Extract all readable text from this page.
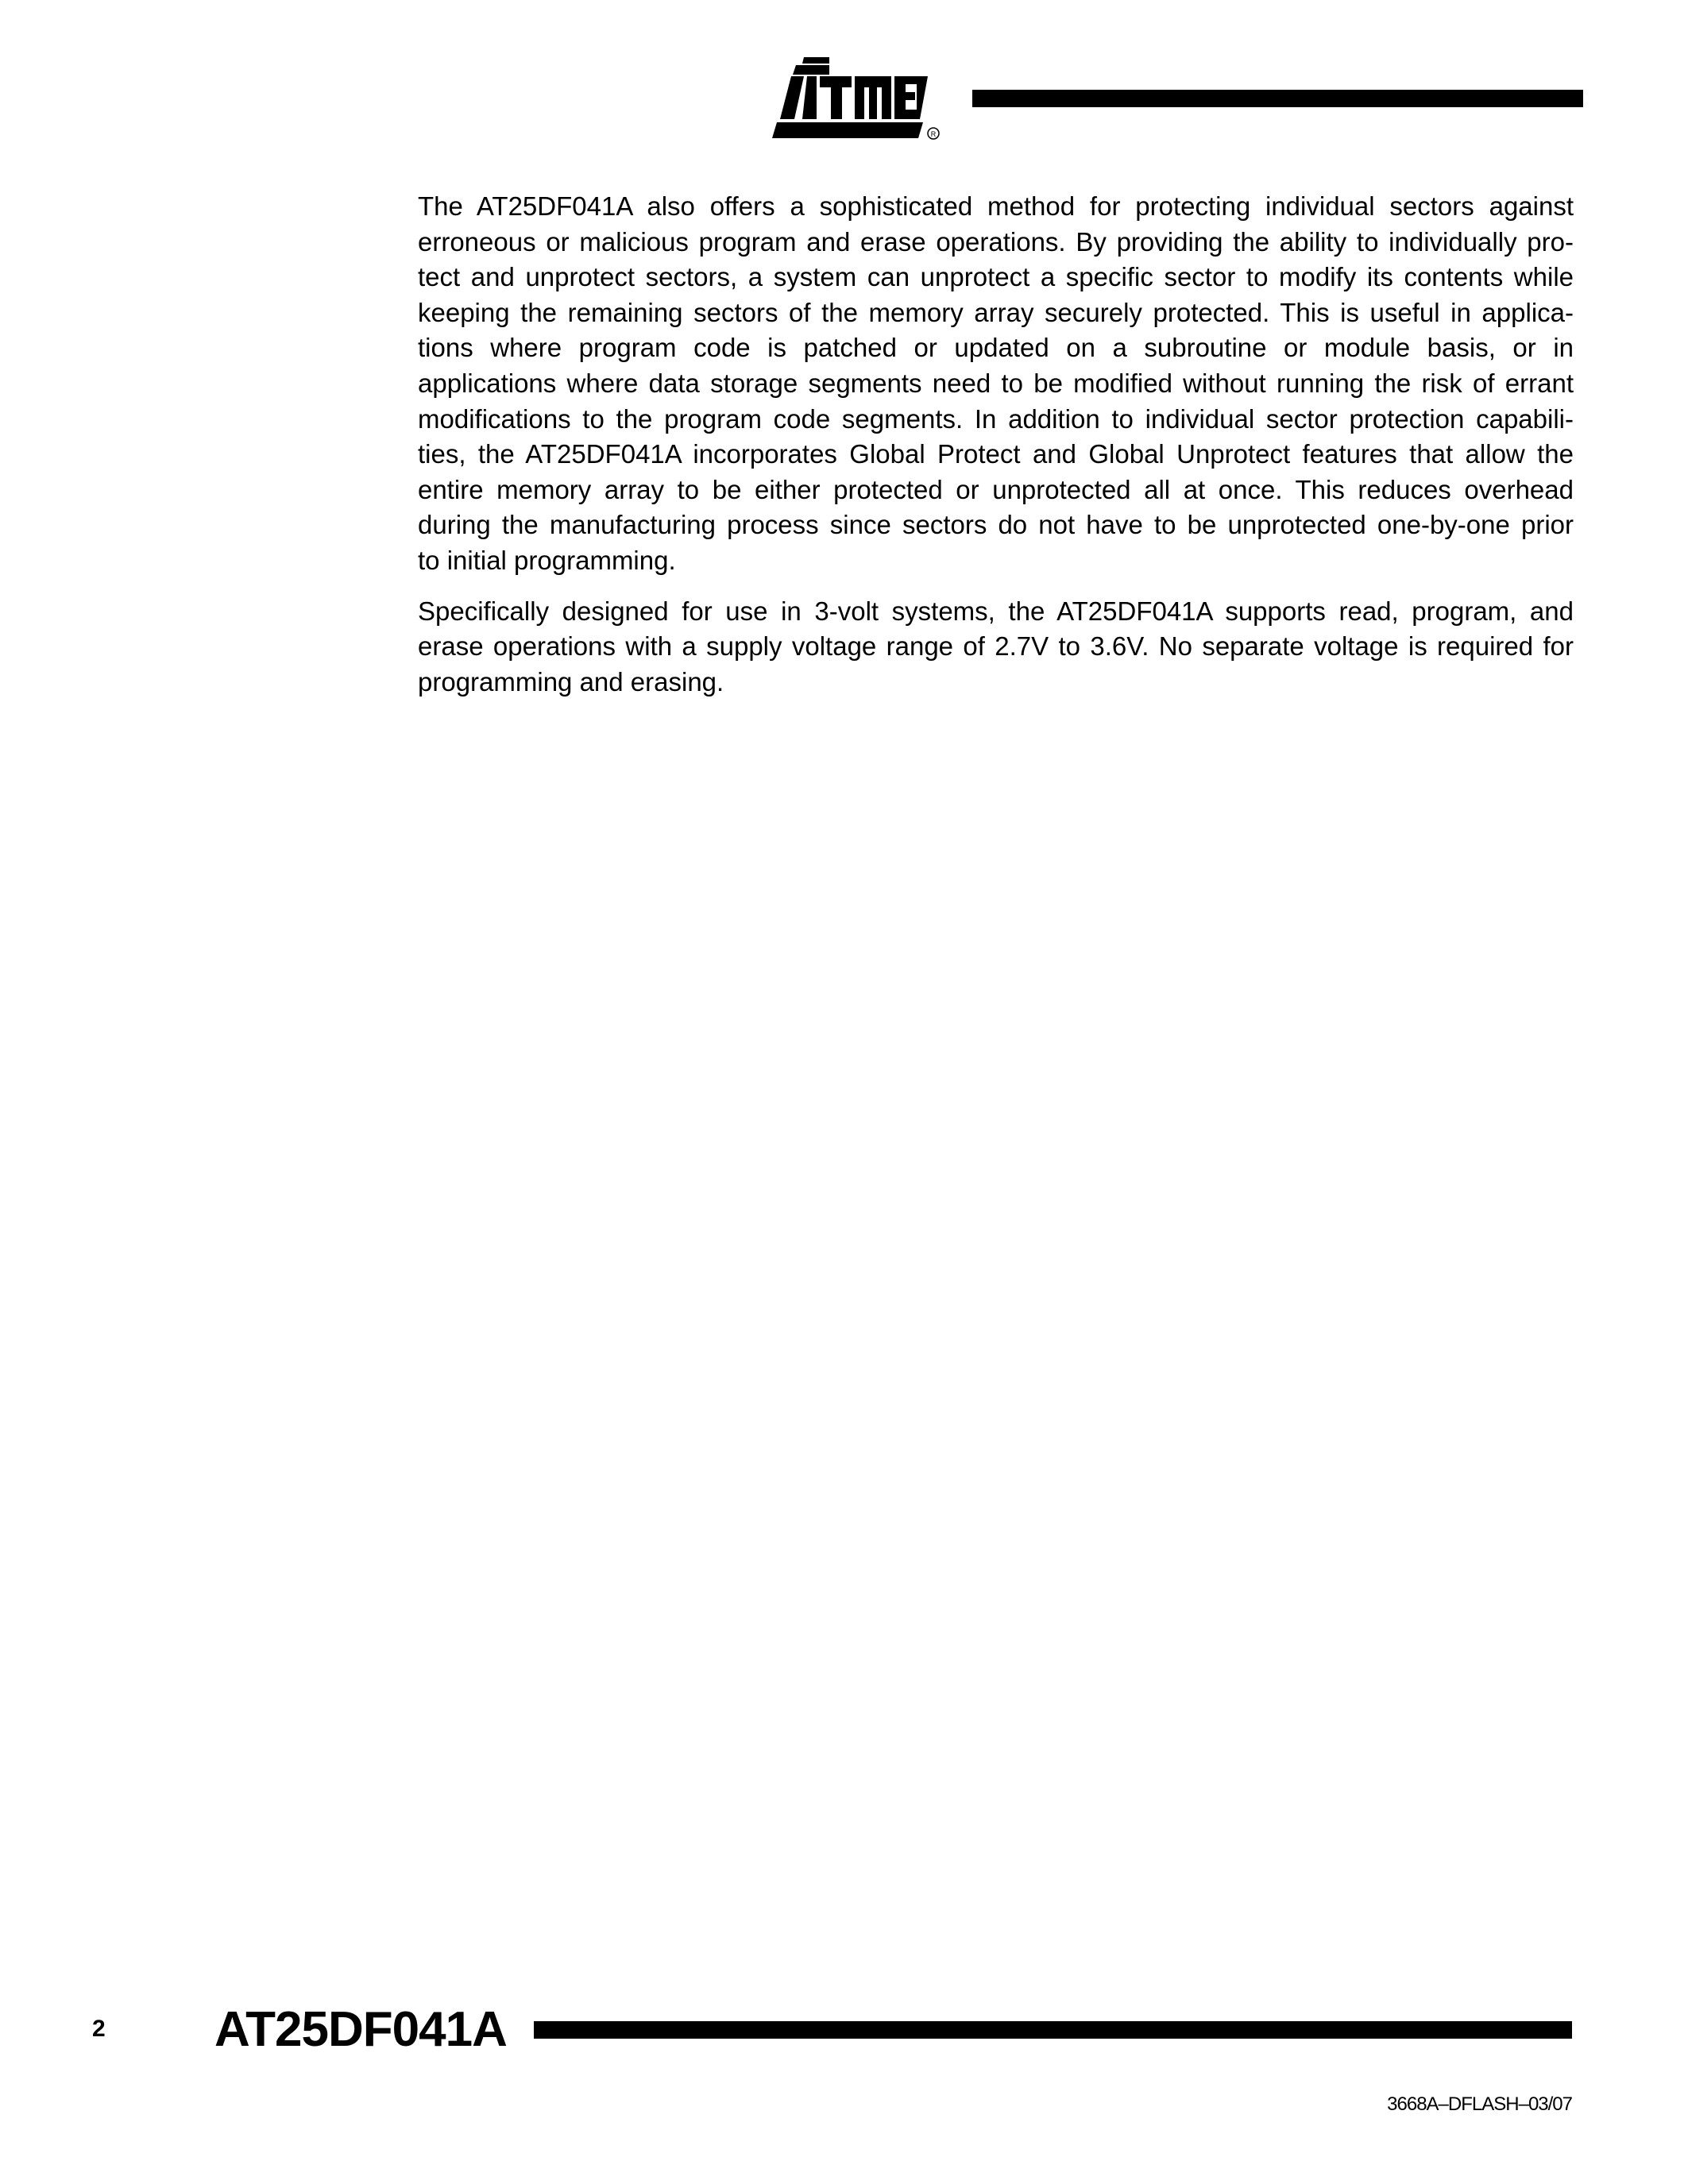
R

The AT25DF041A also offers a sophisticated method for protecting individual sectors against
erroneous or malicious program and erase operations. By providing the ability to individually pro-
tect and unprotect sectors, a system can unprotect a specific sector to modify its contents while
keeping the remaining sectors of the memory array securely protected. This is useful in applica-
tions where program code is patched or updated on a subroutine or module basis, or in
applications where data storage segments need to be modified without running the risk of errant
modifications to the program code segments. In addition to individual sector protection capabili-
ties, the AT25DF041A incorporates Global Protect and Global Unprotect features that allow the
entire memory array to be either protected or unprotected all at once. This reduces overhead
during the manufacturing process since sectors do not have to be unprotected one-by-one prior
to initial programming.

Specifically designed for use in 3-volt systems, the AT25DF041A supports read, program, and
erase operations with a supply voltage range of 2.7V to 3.6V. No separate voltage is required for
programming and erasing.

2 AT25DF041A
3668A–DFLASH–03/07
